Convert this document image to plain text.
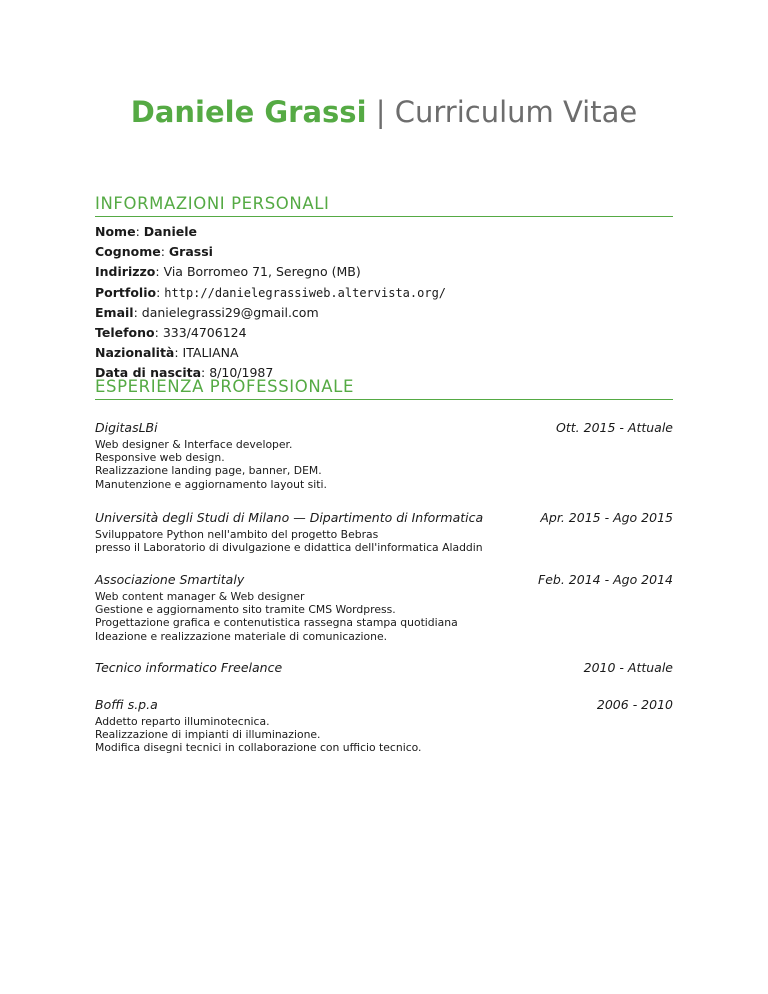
Daniele Grassi | Curriculum Vitae
INFORMAZIONI PERSONALI
Nome: Daniele
Cognome: Grassi
Indirizzo: Via Borromeo 71, Seregno (MB)
Portfolio: http://danielegrassiweb.altervista.org/
Email: danielegrassi29@gmail.com
Telefono: 333/4706124
Nazionalità: ITALIANA
Data di nascita: 8/10/1987
ESPERIENZA PROFESSIONALE
DigitasLBi	Ott. 2015 - Attuale
Web designer & Interface developer.
Responsive web design.
Realizzazione landing page, banner, DEM.
Manutenzione e aggiornamento layout siti.
Università degli Studi di Milano — Dipartimento di Informatica	Apr. 2015 - Ago 2015
Sviluppatore Python nell'ambito del progetto Bebras
presso il Laboratorio di divulgazione e didattica dell'informatica Aladdin
Associazione Smartitaly	Feb. 2014 - Ago 2014
Web content manager & Web designer
Gestione e aggiornamento sito tramite CMS Wordpress.
Progettazione grafica e contenutistica rassegna stampa quotidiana
Ideazione e realizzazione materiale di comunicazione.
Tecnico informatico Freelance	2010 - Attuale
Boffi s.p.a	2006 - 2010
Addetto reparto illuminotecnica.
Realizzazione di impianti di illuminazione.
Modifica disegni tecnici in collaborazione con ufficio tecnico.
